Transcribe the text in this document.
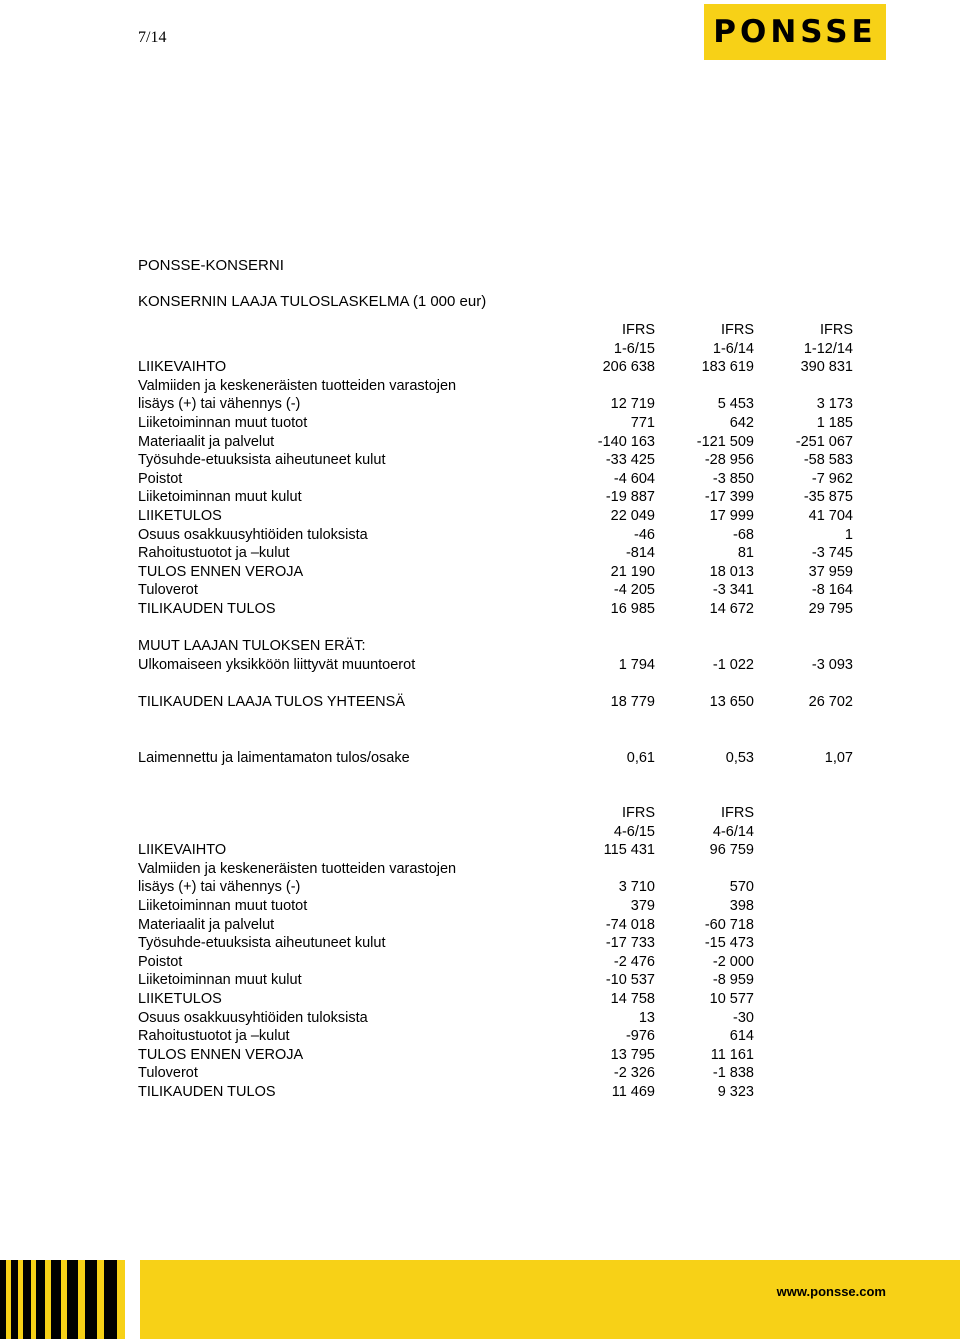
7/14	PONSSE
PONSSE-KONSERNI
KONSERNIN LAAJA TULOSLASKELMA (1 000 eur)
	IFRS	IFRS	IFRS
	1-6/15	1-6/14	1-12/14
LIIKEVAIHTO	206 638	183 619	390 831
Valmiiden ja keskeneräisten tuotteiden varastojen			
lisäys (+) tai vähennys (-)	12 719	5 453	3 173
Liiketoiminnan muut tuotot	771	642	1 185
Materiaalit ja palvelut	-140 163	-121 509	-251 067
Työsuhde-etuuksista aiheutuneet kulut	-33 425	-28 956	-58 583
Poistot	-4 604	-3 850	-7 962
Liiketoiminnan muut kulut	-19 887	-17 399	-35 875
LIIKETULOS	22 049	17 999	41 704
Osuus osakkuusyhtiöiden tuloksista	-46	-68	1
Rahoitustuotot ja –kulut	-814	81	-3 745
TULOS ENNEN VEROJA	21 190	18 013	37 959
Tuloverot	-4 205	-3 341	-8 164
TILIKAUDEN TULOS	16 985	14 672	29 795

MUUT LAAJAN TULOKSEN ERÄT:			
Ulkomaiseen yksikköön liittyvät muuntoerot	1 794	-1 022	-3 093

TILIKAUDEN LAAJA TULOS YHTEENSÄ	18 779	13 650	26 702

Laimennettu ja laimentamaton tulos/osake	0,61	0,53	1,07
	IFRS	IFRS
	4-6/15	4-6/14
LIIKEVAIHTO	115 431	96 759
Valmiiden ja keskeneräisten tuotteiden varastojen		
lisäys (+) tai vähennys (-)	3 710	570
Liiketoiminnan muut tuotot	379	398
Materiaalit ja palvelut	-74 018	-60 718
Työsuhde-etuuksista aiheutuneet kulut	-17 733	-15 473
Poistot	-2 476	-2 000
Liiketoiminnan muut kulut	-10 537	-8 959
LIIKETULOS	14 758	10 577
Osuus osakkuusyhtiöiden tuloksista	13	-30
Rahoitustuotot ja –kulut	-976	614
TULOS ENNEN VEROJA	13 795	11 161
Tuloverot	-2 326	-1 838
TILIKAUDEN TULOS	11 469	9 323
www.ponsse.com
